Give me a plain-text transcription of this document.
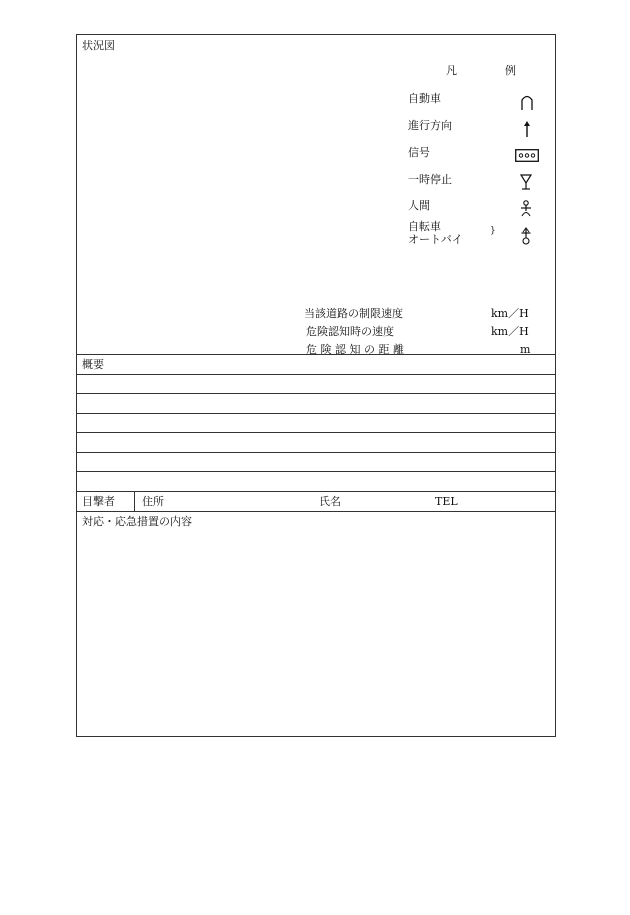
状況図
凡	例
自動車
進行方向
信号
一時停止
人間
自転車
オートバイ
}
当該道路の制限速度	km／H
危険認知時の速度	km／H
危 険 認 知 の 距 離	m
概要
目撃者 住所	氏名	TEL
対応・応急措置の内容
